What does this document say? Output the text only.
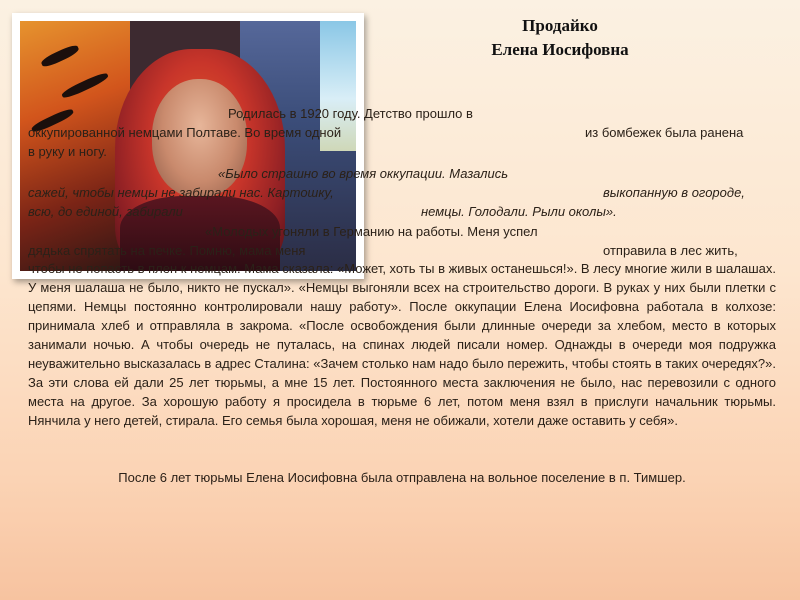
Продайко
Елена Иосифовна
Родилась в 1920 году. Детство прошло в
оккупированной немцами Полтаве. Во время одной	из бомбежек была ранена
в руку и ногу.
«Было страшно во время оккупации. Мазались
сажей, чтобы немцы не забирали нас. Картошку,	выкопанную в огороде,
всю, до единой, забирали	немцы. Голодали. Рыли околы».
«Молодых угоняли в Германию на работы. Меня успел
дядька спрятать на печке. Помню, мама меня	отправила в лес жить,
чтобы не попасть в плен к немцам. Мама сказала: «Может, хоть ты в живых останешься!». В лесу многие жили в шалашах. У меня шалаша не было, никто не пускал». «Немцы выгоняли всех на строительство дороги. В руках у них были плетки с цепями. Немцы постоянно контролировали нашу работу». После оккупации Елена Иосифовна работала в колхозе: принимала хлеб и отправляла в закрома. «После освобождения были длинные очереди за хлебом, место в которых занимали ночью. А чтобы очередь не путалась, на спинах людей писали номер. Однажды в очереди моя подружка неуважительно высказалась в адрес Сталина: «Зачем столько нам надо было пережить, чтобы стоять в таких очередях?». За эти слова ей дали 25 лет тюрьмы, а мне 15 лет. Постоянного места заключения не было, нас перевозили с одного места на другое. За хорошую работу я просидела в тюрьме 6 лет, потом меня взял в прислуги начальник тюрьмы. Нянчила у него детей, стирала. Его семья была хорошая, меня не обижали, хотели даже оставить у себя».
После 6 лет тюрьмы Елена Иосифовна была отправлена на вольное поселение в п. Тимшер.
